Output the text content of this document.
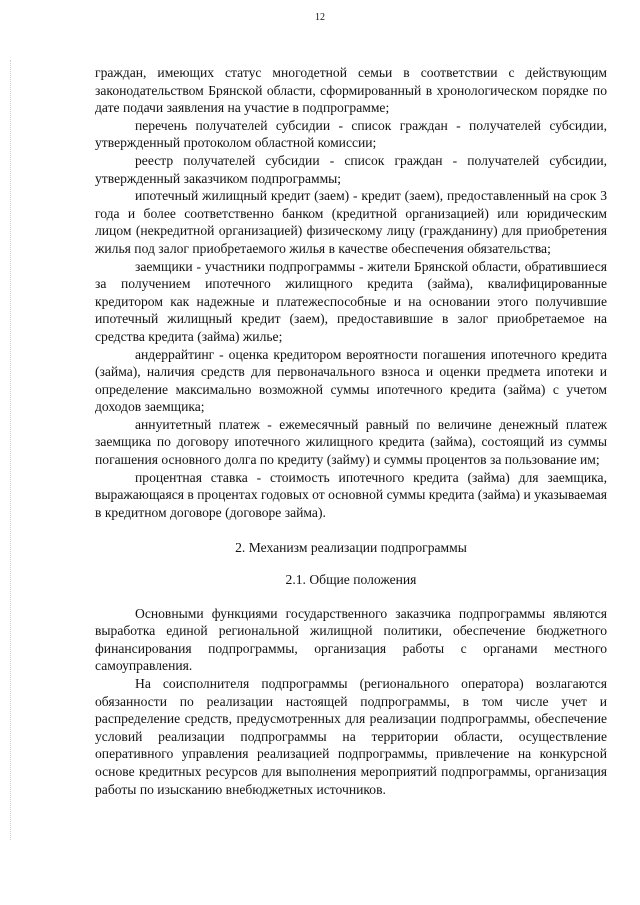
12

граждан, имеющих статус многодетной семьи в соответствии с действующим законодательством Брянской области, сформированный в хронологическом порядке по дате подачи заявления на участие в подпрограмме;

перечень получателей субсидии - список граждан - получателей субсидии, утвержденный протоколом областной комиссии;

реестр получателей субсидии - список граждан - получателей субсидии, утвержденный заказчиком подпрограммы;

ипотечный жилищный кредит (заем) - кредит (заем), предоставленный на срок 3 года и более соответственно банком (кредитной организацией) или юридическим лицом (некредитной организацией) физическому лицу (гражданину) для приобретения жилья под залог приобретаемого жилья в качестве обеспечения обязательства;

заемщики - участники подпрограммы - жители Брянской области, обратившиеся за получением ипотечного жилищного кредита (займа), квалифицированные кредитором как надежные и платежеспособные и на основании этого получившие ипотечный жилищный кредит (заем), предоставившие в залог приобретаемое на средства кредита (займа) жилье;

андеррайтинг - оценка кредитором вероятности погашения ипотечного кредита (займа), наличия средств для первоначального взноса и оценки предмета ипотеки и определение максимально возможной суммы ипотечного кредита (займа) с учетом доходов заемщика;

аннуитетный платеж - ежемесячный равный по величине денежный платеж заемщика по договору ипотечного жилищного кредита (займа), состоящий из суммы погашения основного долга по кредиту (займу) и суммы процентов за пользование им;

процентная ставка - стоимость ипотечного кредита (займа) для заемщика, выражающаяся в процентах годовых от основной суммы кредита (займа) и указываемая в кредитном договоре (договоре займа).

2. Механизм реализации подпрограммы
2.1. Общие положения

Основными функциями государственного заказчика подпрограммы являются выработка единой региональной жилищной политики, обеспечение бюджетного финансирования подпрограммы, организация работы с органами местного самоуправления.

На соисполнителя подпрограммы (регионального оператора) возлагаются обязанности по реализации настоящей подпрограммы, в том числе учет и распределение средств, предусмотренных для реализации подпрограммы, обеспечение условий реализации подпрограммы на территории области, осуществление оперативного управления реализацией подпрограммы, привлечение на конкурсной основе кредитных ресурсов для выполнения мероприятий подпрограммы, организация работы по изысканию внебюджетных источников.
